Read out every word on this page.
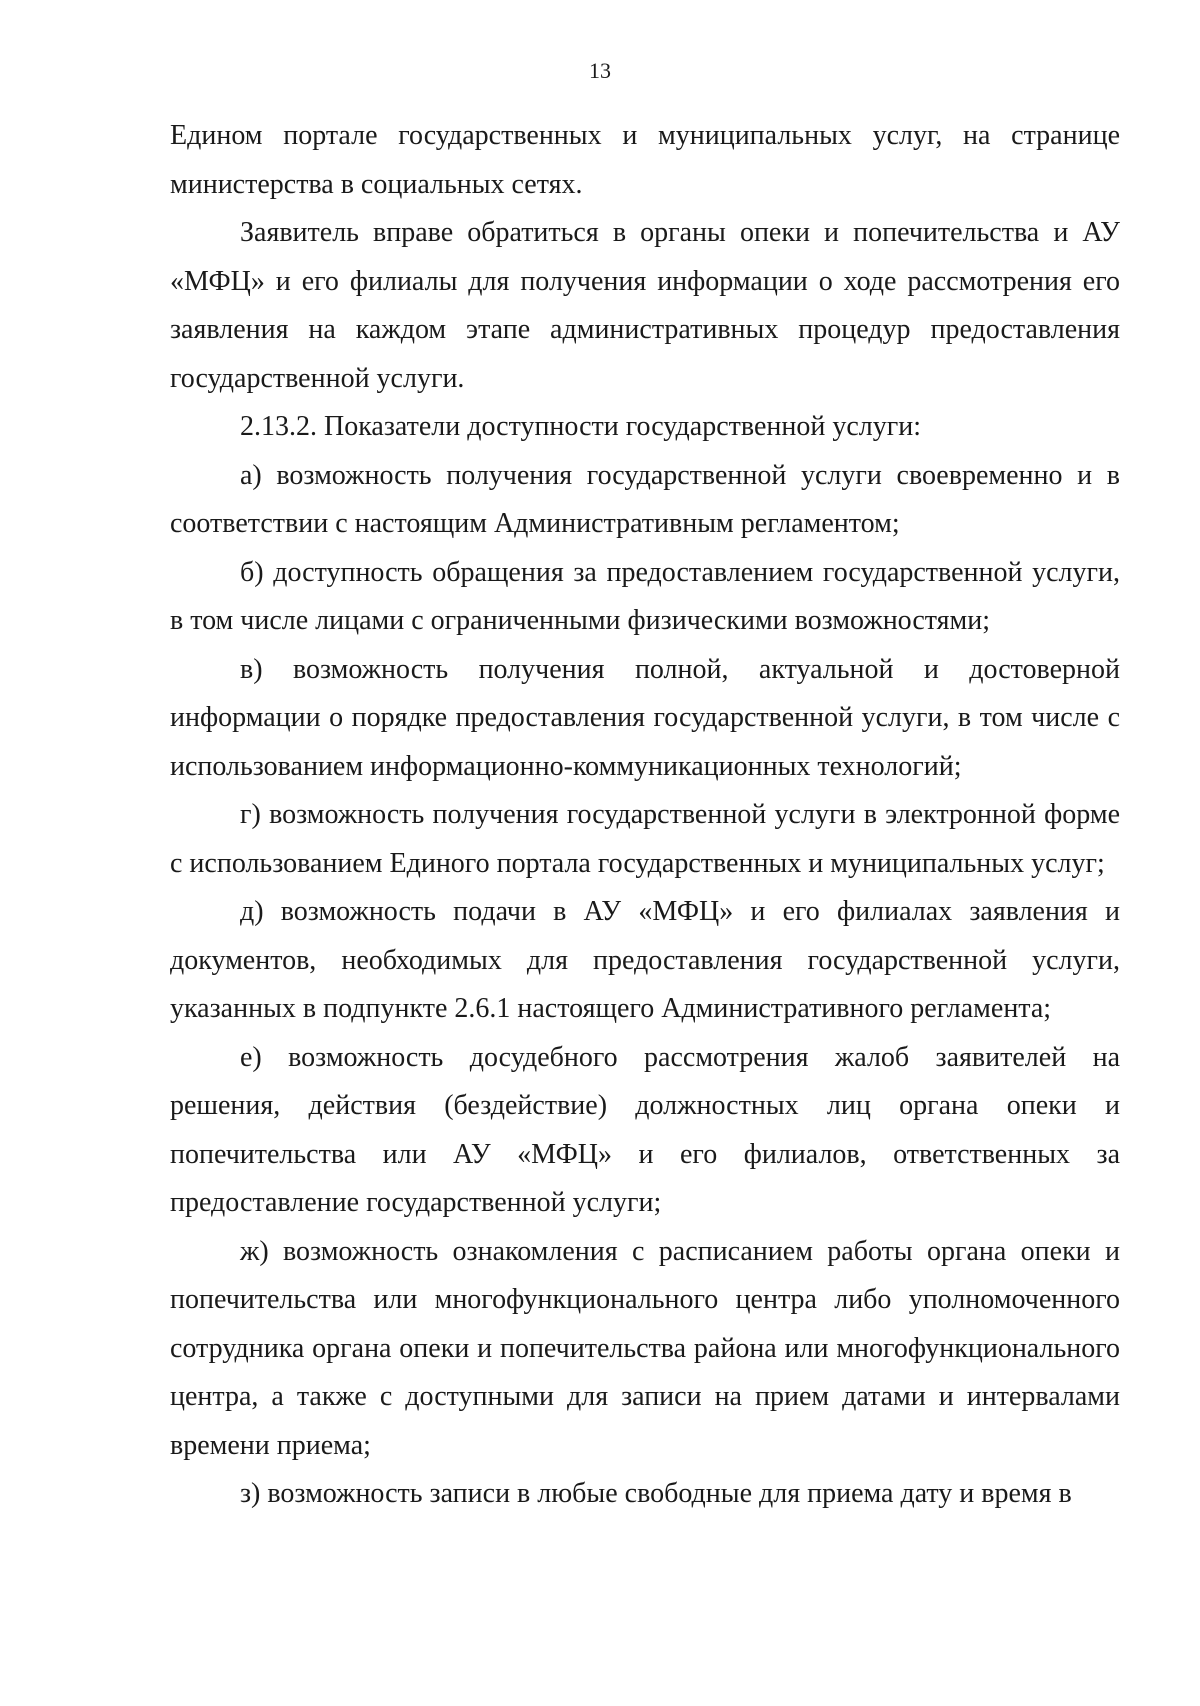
13

Едином портале государственных и муниципальных услуг, на странице министерства в социальных сетях.

Заявитель вправе обратиться в органы опеки и попечительства и АУ «МФЦ» и его филиалы для получения информации о ходе рассмотрения его заявления на каждом этапе административных процедур предоставления государственной услуги.

2.13.2. Показатели доступности государственной услуги:

а) возможность получения государственной услуги своевременно и в соответствии с настоящим Административным регламентом;

б) доступность обращения за предоставлением государственной услуги, в том числе лицами с ограниченными физическими возможностями;

в) возможность получения полной, актуальной и достоверной информации о порядке предоставления государственной услуги, в том числе с использованием информационно-коммуникационных технологий;

г) возможность получения государственной услуги в электронной форме с использованием Единого портала государственных и муниципальных услуг;

д) возможность подачи в АУ «МФЦ» и его филиалах заявления и документов, необходимых для предоставления государственной услуги, указанных в подпункте 2.6.1 настоящего Административного регламента;

е) возможность досудебного рассмотрения жалоб заявителей на решения, действия (бездействие) должностных лиц органа опеки и попечительства или АУ «МФЦ» и его филиалов, ответственных за предоставление государственной услуги;

ж) возможность ознакомления с расписанием работы органа опеки и попечительства или многофункционального центра либо уполномоченного сотрудника органа опеки и попечительства района или многофункционального центра, а также с доступными для записи на прием датами и интервалами времени приема;

з) возможность записи в любые свободные для приема дату и время в
